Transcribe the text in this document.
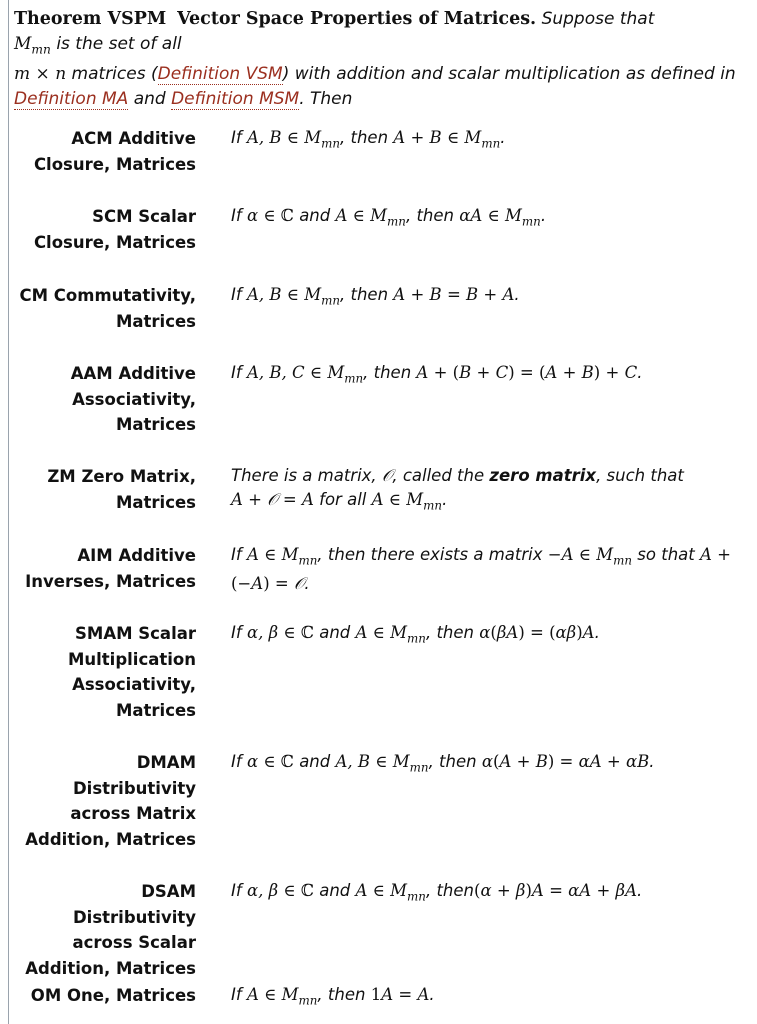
Theorem VSPM Vector Space Properties of Matrices. Suppose that
$M_{mn}$ is the set of all
m × n matrices (Definition VSM) with addition and scalar multiplication as defined in Definition MA and Definition MSM. Then
ACM Additive Closure, Matrices
If A, B ∈ $M_{mn}$, then A + B ∈ $M_{mn}$.
SCM Scalar Closure, Matrices
If α ∈ ℂ and A ∈ $M_{mn}$, then αA ∈ $M_{mn}$.
CM Commutativity, Matrices
If A, B ∈ $M_{mn}$, then A + B = B + A.
AAM Additive Associativity, Matrices
If A, B, C ∈ $M_{mn}$, then A + (B + C) = (A + B) + C.
ZM Zero Matrix, Matrices
There is a matrix, 𝒪, called the zero matrix, such that
A + 𝒪 = A for all A ∈ $M_{mn}$.
AIM Additive Inverses, Matrices
If A ∈ $M_{mn}$, then there exists a matrix −A ∈ $M_{mn}$ so that A + (−A) = 𝒪.
SMAM Scalar Multiplication Associativity, Matrices
If α, β ∈ ℂ and A ∈ $M_{mn}$, then α(βA) = (αβ)A.
DMAM Distributivity across Matrix Addition, Matrices
If α ∈ ℂ and A, B ∈ $M_{mn}$, then α(A + B) = αA + αB.
DSAM Distributivity across Scalar Addition, Matrices
If α, β ∈ ℂ and A ∈ $M_{mn}$, then(α + β)A = αA + βA.
OM One, Matrices If A ∈ $M_{mn}$, then 1A = A.
